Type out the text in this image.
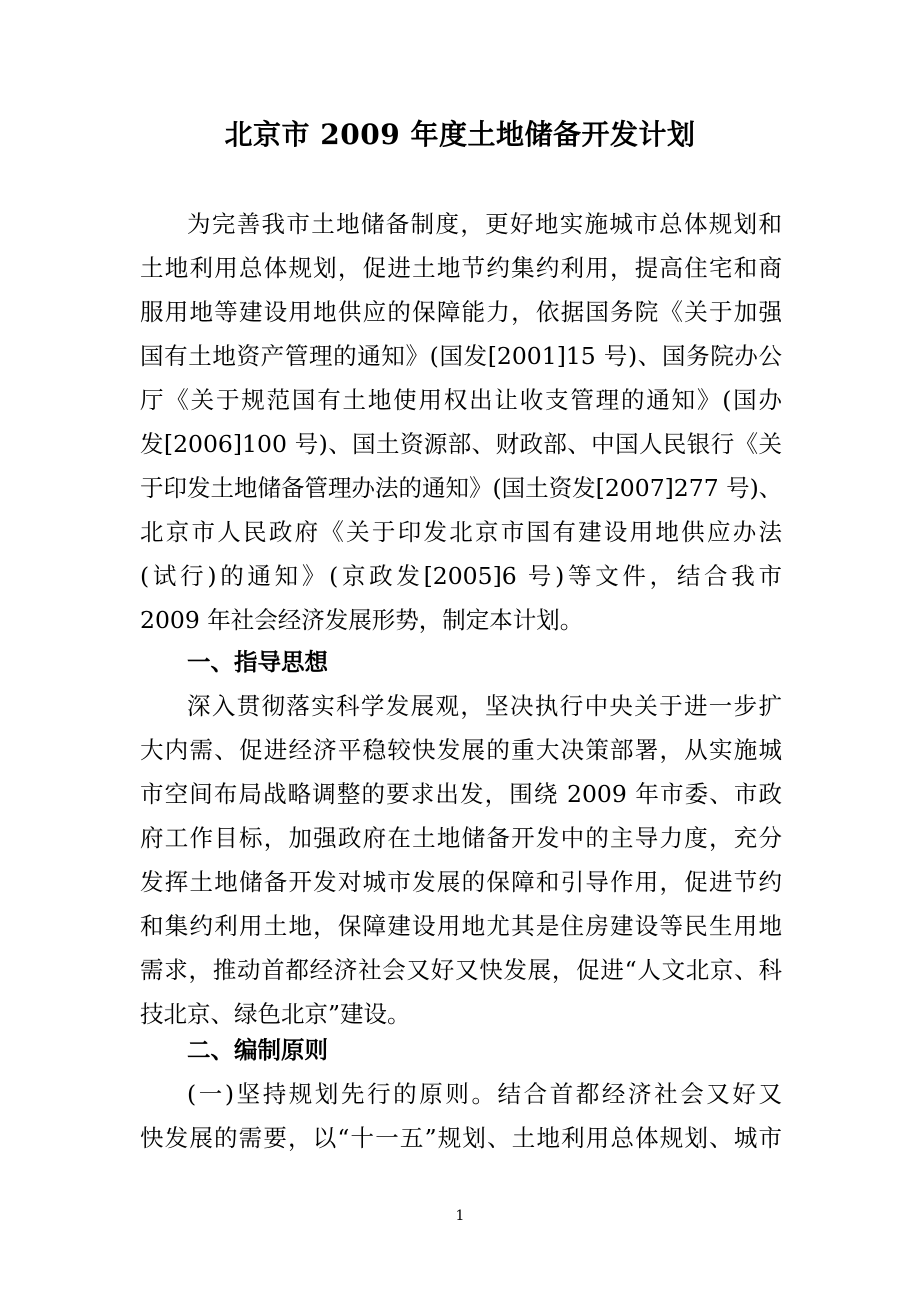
北京市 2009 年度土地储备开发计划
为完善我市土地储备制度，更好地实施城市总体规划和
土地利用总体规划，促进土地节约集约利用，提高住宅和商
服用地等建设用地供应的保障能力，依据国务院《关于加强
国有土地资产管理的通知》(国发[2001]15 号)、国务院办公
厅《关于规范国有土地使用权出让收支管理的通知》(国办
发[2006]100 号)、国土资源部、财政部、中国人民银行《关
于印发土地储备管理办法的通知》(国土资发[2007]277 号)、
北京市人民政府《关于印发北京市国有建设用地供应办法
(试行)的通知》(京政发[2005]6 号)等文件，结合我市
2009 年社会经济发展形势，制定本计划。
一、指导思想
深入贯彻落实科学发展观，坚决执行中央关于进一步扩
大内需、促进经济平稳较快发展的重大决策部署，从实施城
市空间布局战略调整的要求出发，围绕 2009 年市委、市政
府工作目标，加强政府在土地储备开发中的主导力度，充分
发挥土地储备开发对城市发展的保障和引导作用，促进节约
和集约利用土地，保障建设用地尤其是住房建设等民生用地
需求，推动首都经济社会又好又快发展，促进“人文北京、科
技北京、绿色北京”建设。
二、编制原则
(一)坚持规划先行的原则。结合首都经济社会又好又
快发展的需要，以“十一五”规划、土地利用总体规划、城市
1
